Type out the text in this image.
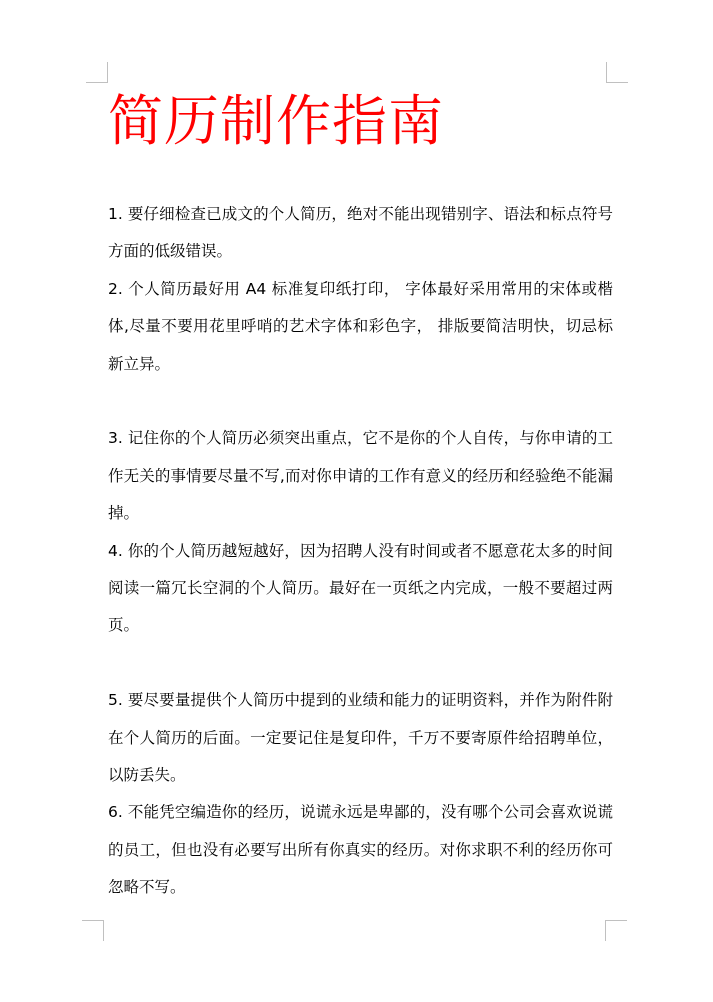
简历制作指南

1. 要仔细检查已成文的个人简历，绝对不能出现错别字、语法和标点符号方面的低级错误。

2. 个人简历最好用 A4 标准复印纸打印， 字体最好采用常用的宋体或楷体,尽量不要用花里呼哨的艺术字体和彩色字， 排版要简洁明快，切忌标新立异。

3. 记住你的个人简历必须突出重点，它不是你的个人自传，与你申请的工作无关的事情要尽量不写,而对你申请的工作有意义的经历和经验绝不能漏掉。

4. 你的个人简历越短越好，因为招聘人没有时间或者不愿意花太多的时间阅读一篇冗长空洞的个人简历。最好在一页纸之内完成，一般不要超过两页。

5. 要尽要量提供个人简历中提到的业绩和能力的证明资料，并作为附件附在个人简历的后面。一定要记住是复印件，千万不要寄原件给招聘单位，以防丢失。

6. 不能凭空编造你的经历，说谎永远是卑鄙的，没有哪个公司会喜欢说谎的员工，但也没有必要写出所有你真实的经历。对你求职不利的经历你可忽略不写。
